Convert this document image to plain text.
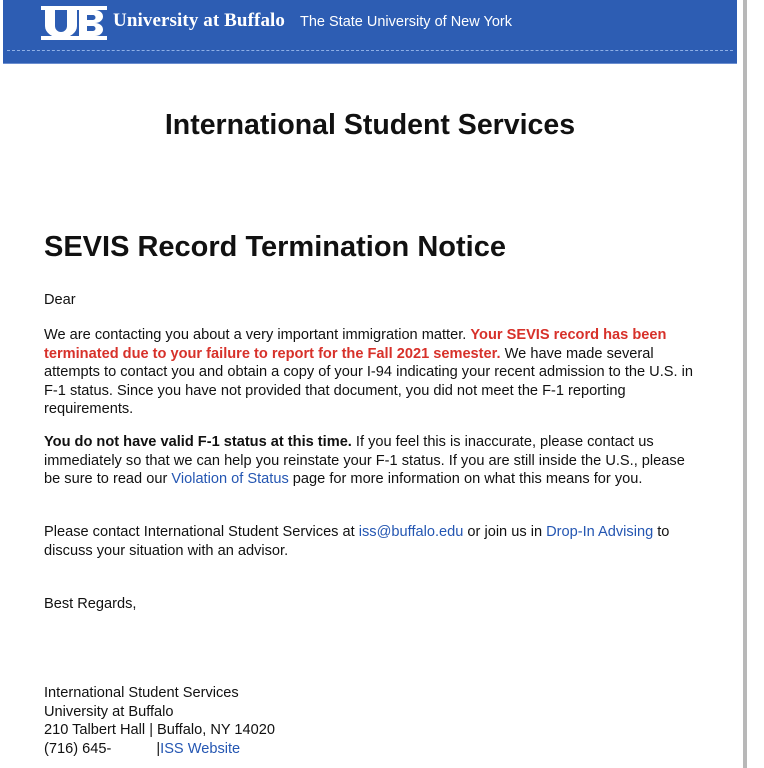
University at Buffalo The State University of New York
International Student Services
SEVIS Record Termination Notice

Dear

We are contacting you about a very important immigration matter. Your SEVIS record has been terminated due to your failure to report for the Fall 2021 semester. We have made several attempts to contact you and obtain a copy of your I-94 indicating your recent admission to the U.S. in F-1 status. Since you have not provided that document, you did not meet the F-1 reporting requirements.

You do not have valid F-1 status at this time. If you feel this is inaccurate, please contact us immediately so that we can help you reinstate your F-1 status. If you are still inside the U.S., please be sure to read our Violation of Status page for more information on what this means for you.

Please contact International Student Services at iss@buffalo.edu or join us in Drop-In Advising to discuss your situation with an advisor.

Best Regards,

International Student Services
University at Buffalo
210 Talbert Hall | Buffalo, NY 14020
(716) 645-	|ISS Website
